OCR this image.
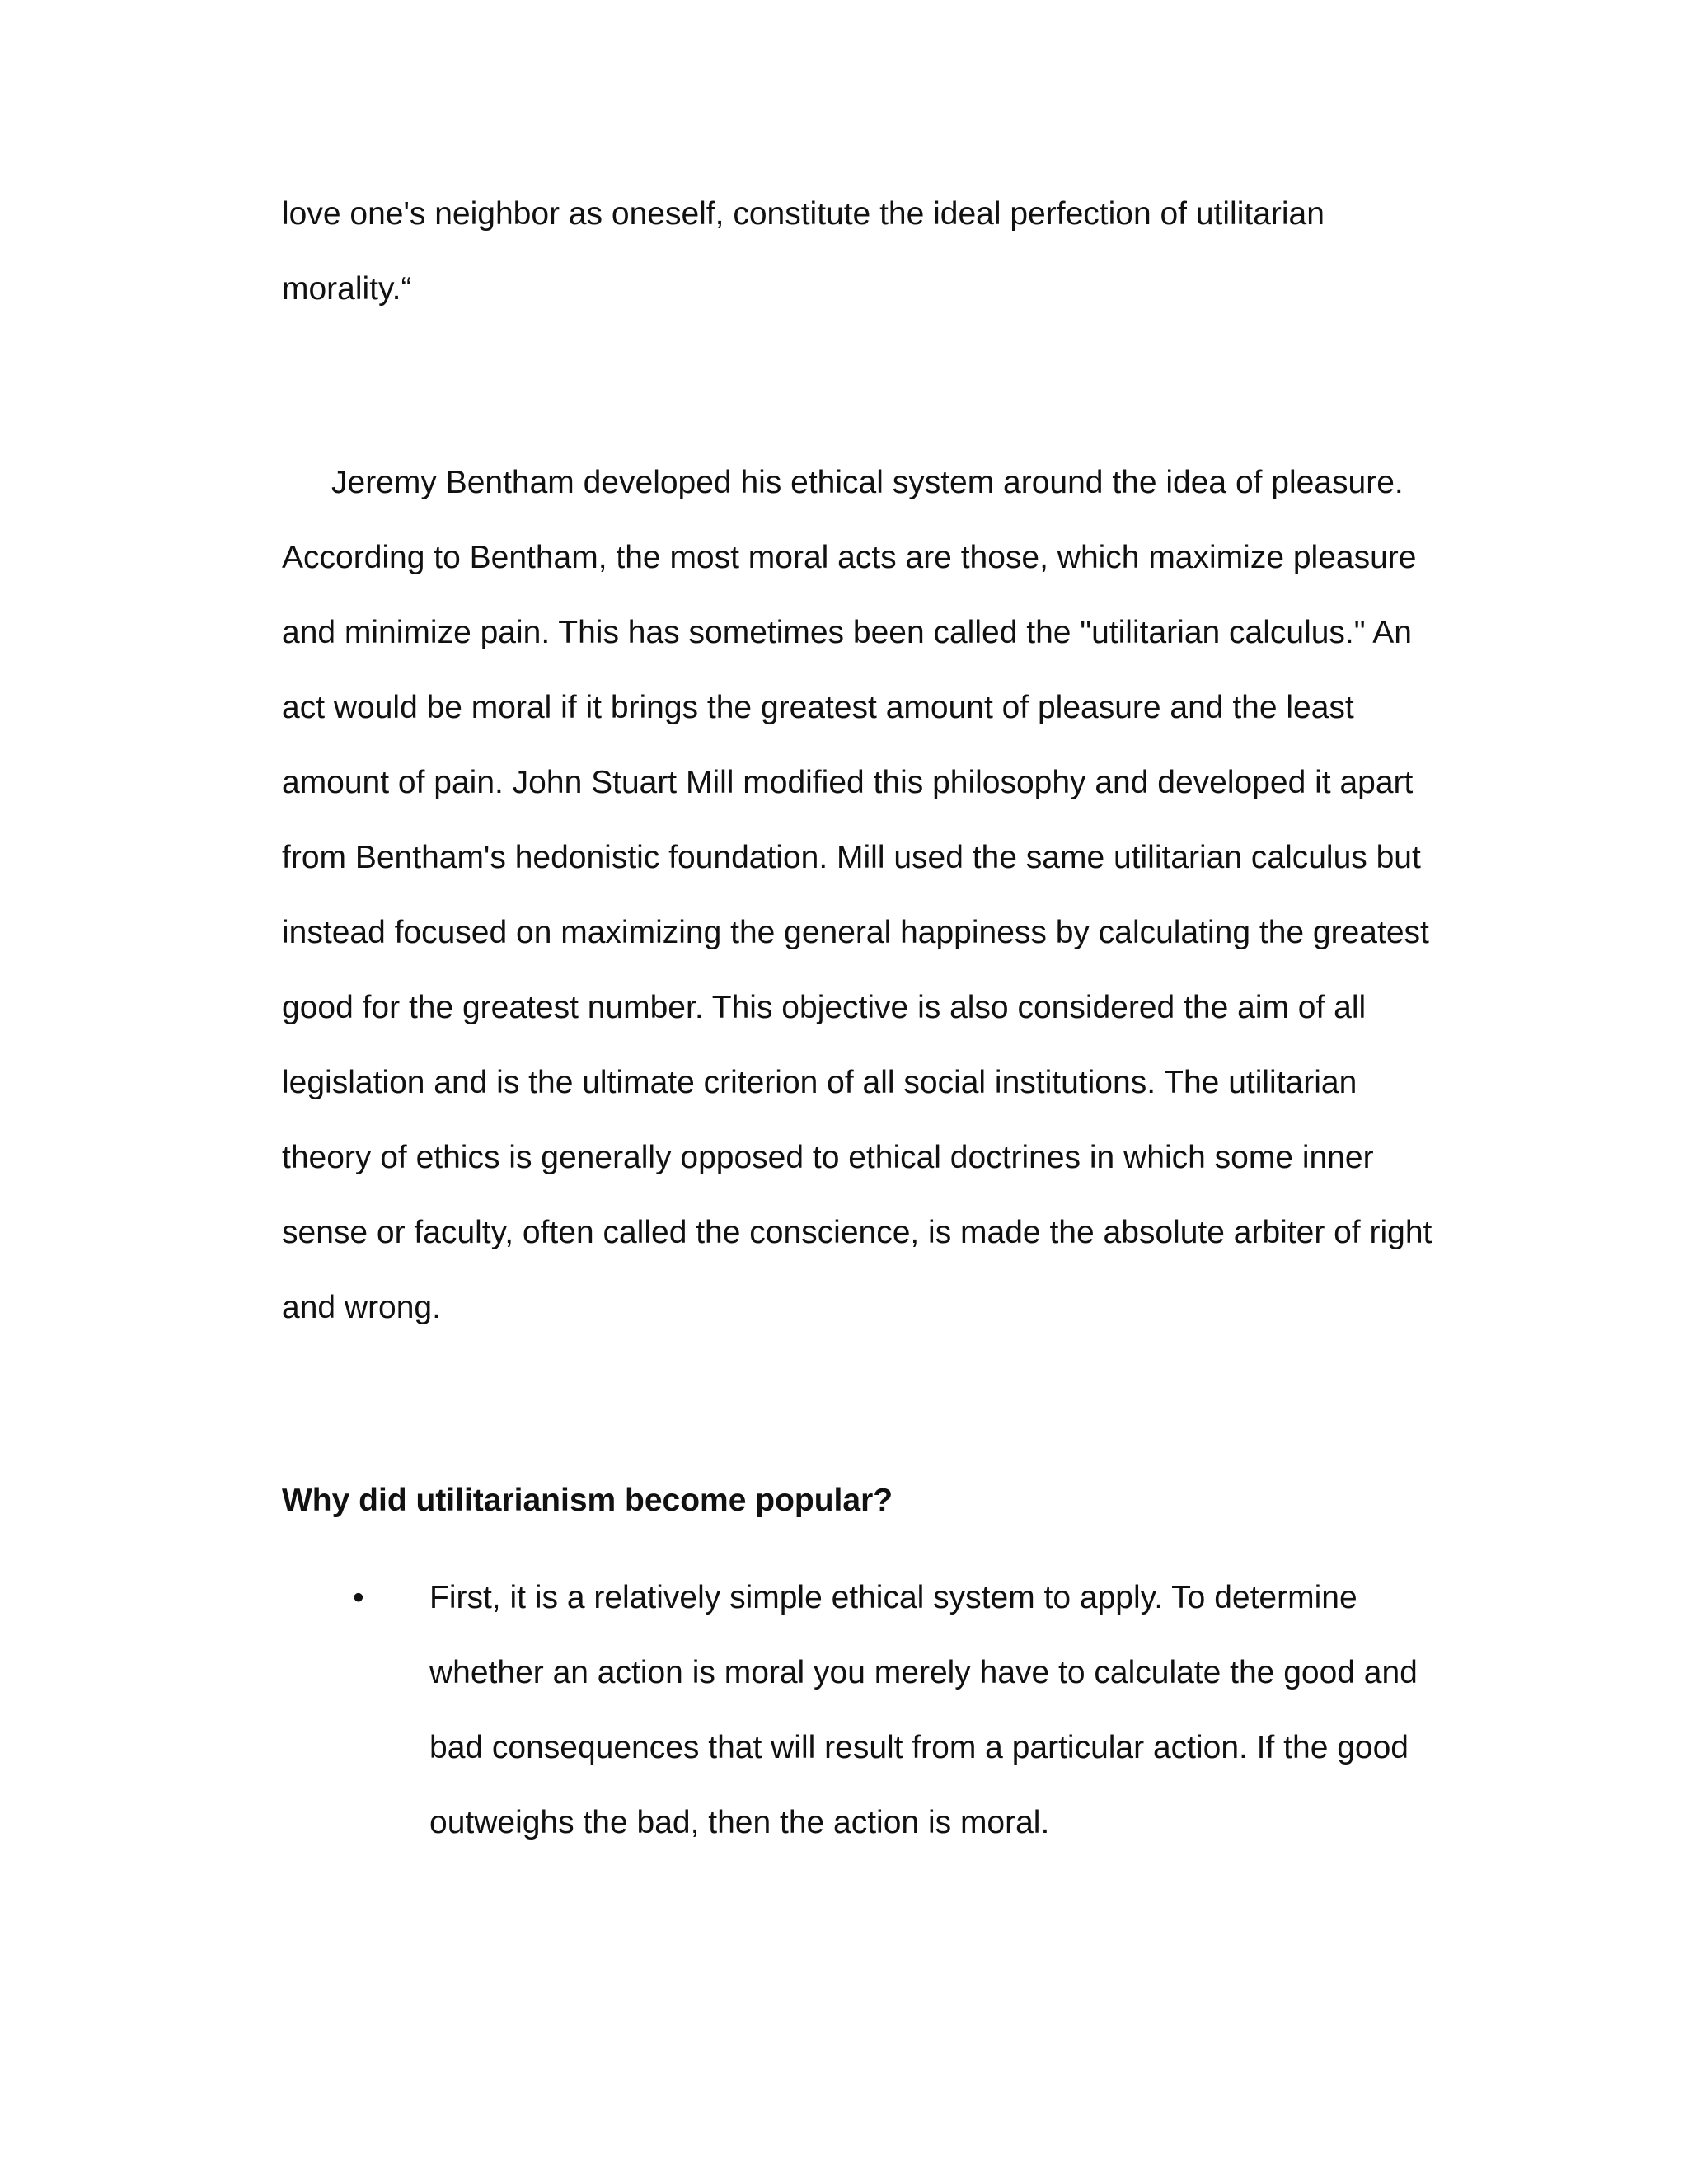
love one's neighbor as oneself, constitute the ideal perfection of utilitarian
morality.“
Jeremy Bentham developed his ethical system around the idea of pleasure.
According to Bentham, the most moral acts are those, which maximize pleasure
and minimize pain. This has sometimes been called the "utilitarian calculus." An
act would be moral if it brings the greatest amount of pleasure and the least
amount of pain. John Stuart Mill modified this philosophy and developed it apart
from Bentham's hedonistic foundation. Mill used the same utilitarian calculus but
instead focused on maximizing the general happiness by calculating the greatest
good for the greatest number. This objective is also considered the aim of all
legislation and is the ultimate criterion of all social institutions. The utilitarian
theory of ethics is generally opposed to ethical doctrines in which some inner
sense or faculty, often called the conscience, is made the absolute arbiter of right
and wrong.
Why did utilitarianism become popular?
• First, it is a relatively simple ethical system to apply. To determine
whether an action is moral you merely have to calculate the good and
bad consequences that will result from a particular action. If the good
outweighs the bad, then the action is moral.
